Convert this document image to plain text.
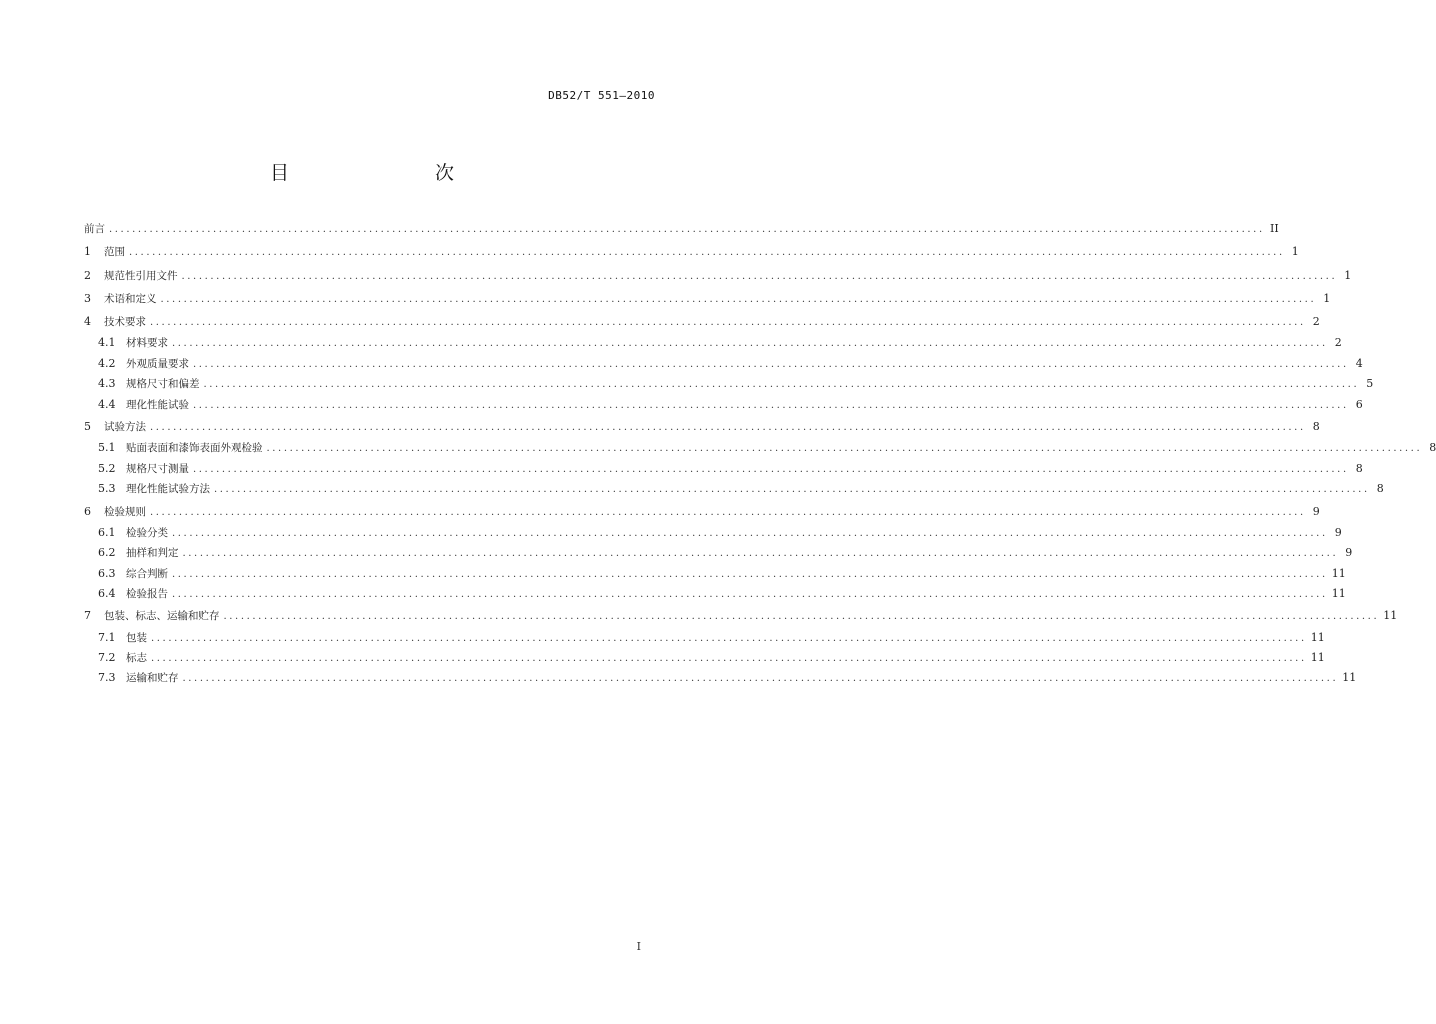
DB52/T 551—2010
目　　次
前言 ........................................................................................................................................................................................................ II
1	范围 ........................................................................................................................................................................................................ 1
2	规范性引用文件 ........................................................................................................................................................................................................ 1
3	术语和定义 ........................................................................................................................................................................................................ 1
4	技术要求 ........................................................................................................................................................................................................ 2
4.1	材料要求 ........................................................................................................................................................................................................ 2
4.2	外观质量要求 ........................................................................................................................................................................................................ 4
4.3	规格尺寸和偏差 ........................................................................................................................................................................................................ 5
4.4	理化性能试验 ........................................................................................................................................................................................................ 6
5	试验方法 ........................................................................................................................................................................................................ 8
5.1	贴面表面和漆饰表面外观检验 ........................................................................................................................................................................................................ 8
5.2	规格尺寸测量 ........................................................................................................................................................................................................ 8
5.3	理化性能试验方法 ........................................................................................................................................................................................................ 8
6	检验规则 ........................................................................................................................................................................................................ 9
6.1	检验分类 ........................................................................................................................................................................................................ 9
6.2	抽样和判定 ........................................................................................................................................................................................................ 9
6.3	综合判断 ........................................................................................................................................................................................................ 11
6.4	检验报告 ........................................................................................................................................................................................................ 11
7	包装、标志、运输和贮存 ........................................................................................................................................................................................................ 11
7.1	包装 ........................................................................................................................................................................................................ 11
7.2	标志 ........................................................................................................................................................................................................ 11
7.3	运输和贮存 ........................................................................................................................................................................................................ 11
I
